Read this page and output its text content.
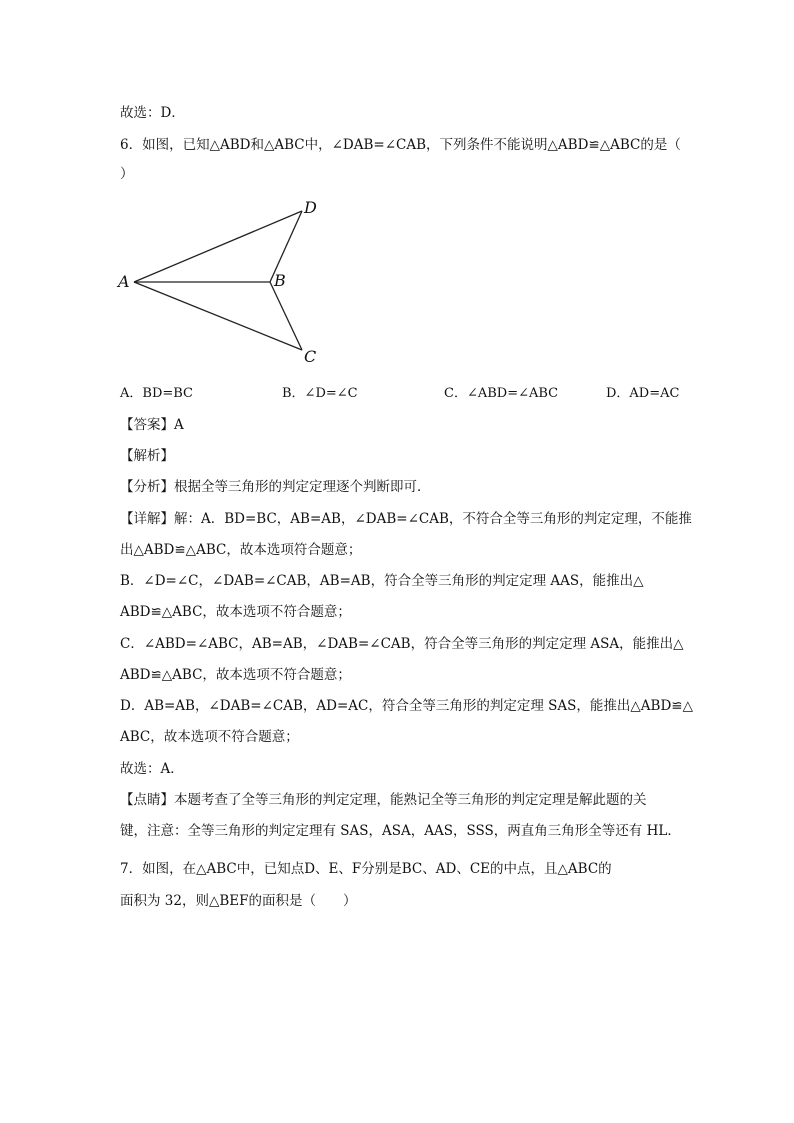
故选：D．
6．如图，已知△ABD和△ABC中，∠DAB=∠CAB，下列条件不能说明△ABD≌△ABC的是（
）
A	B
C
D
A．BD=BC	B．∠D=∠C	C．∠ABD=∠ABC	D．AD=AC
【答案】A
【解析】
【分析】根据全等三角形的判定定理逐个判断即可．
【详解】解：A．BD=BC，AB=AB，∠DAB=∠CAB，不符合全等三角形的判定定理，不能推
出△ABD≌△ABC，故本选项符合题意；
B．∠D=∠C，∠DAB=∠CAB，AB=AB，符合全等三角形的判定定理 AAS，能推出△
ABD≌△ABC，故本选项不符合题意；
C．∠ABD=∠ABC，AB=AB，∠DAB=∠CAB，符合全等三角形的判定定理 ASA，能推出△
ABD≌△ABC，故本选项不符合题意；
D．AB=AB，∠DAB=∠CAB，AD=AC，符合全等三角形的判定定理 SAS，能推出△ABD≌△
ABC，故本选项不符合题意；
故选：A．
【点睛】本题考查了全等三角形的判定定理，能熟记全等三角形的判定定理是解此题的关
键，注意：全等三角形的判定定理有 SAS，ASA，AAS，SSS，两直角三角形全等还有 HL．
7．如图，在△ABC中，已知点D、E、F分别是BC、AD、CE的中点，且△ABC的
面积为 32，则△BEF的面积是（　　）
